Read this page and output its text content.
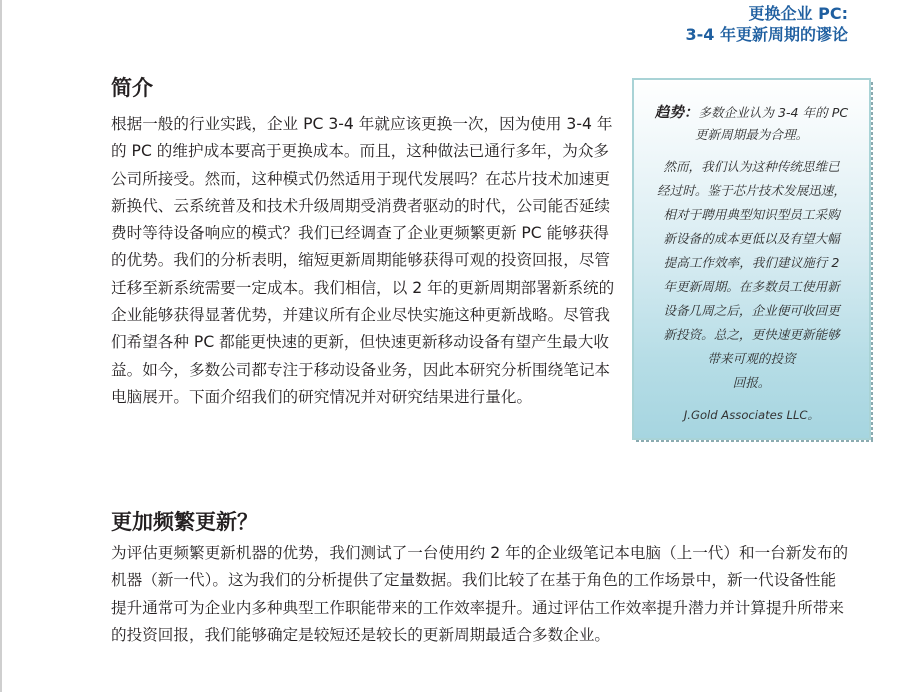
更换企业 PC:
3-4 年更新周期的谬论
简介

根据一般的行业实践，企业 PC 3-4 年就应该更换一次，因为使用 3-4 年的 PC 的维护成本要高于更换成本。而且，这种做法已通行多年，为众多公司所接受。然而，这种模式仍然适用于现代发展吗？在芯片技术加速更新换代、云系统普及和技术升级周期受消费者驱动的时代，公司能否延续费时等待设备响应的模式？我们已经调查了企业更频繁更新 PC 能够获得的优势。我们的分析表明，缩短更新周期能够获得可观的投资回报，尽管迁移至新系统需要一定成本。我们相信，以 2 年的更新周期部署新系统的企业能够获得显著优势，并建议所有企业尽快实施这种更新战略。尽管我们希望各种 PC 都能更快速的更新，但快速更新移动设备有望产生最大收益。如今，多数公司都专注于移动设备业务，因此本研究分析围绕笔记本电脑展开。下面介绍我们的研究情况并对研究结果进行量化。

趋势：多数企业认为 3-4 年的 PC 更新周期最为合理。
然而，我们认为这种传统思维已
经过时。鉴于芯片技术发展迅速，
相对于聘用典型知识型员工采购
新设备的成本更低以及有望大幅
提高工作效率，我们建议施行 2
年更新周期。在多数员工使用新
设备几周之后，企业便可收回更
新投资。总之，更快速更新能够
带来可观的投资
回报。
J.Gold Associates LLC。
更加频繁更新？

为评估更频繁更新机器的优势，我们测试了一台使用约 2 年的企业级笔记本电脑（上一代）和一台新发布的机器（新一代）。这为我们的分析提供了定量数据。我们比较了在基于角色的工作场景中，新一代设备性能提升通常可为企业内多种典型工作职能带来的工作效率提升。通过评估工作效率提升潜力并计算提升所带来的投资回报，我们能够确定是较短还是较长的更新周期最适合多数企业。
